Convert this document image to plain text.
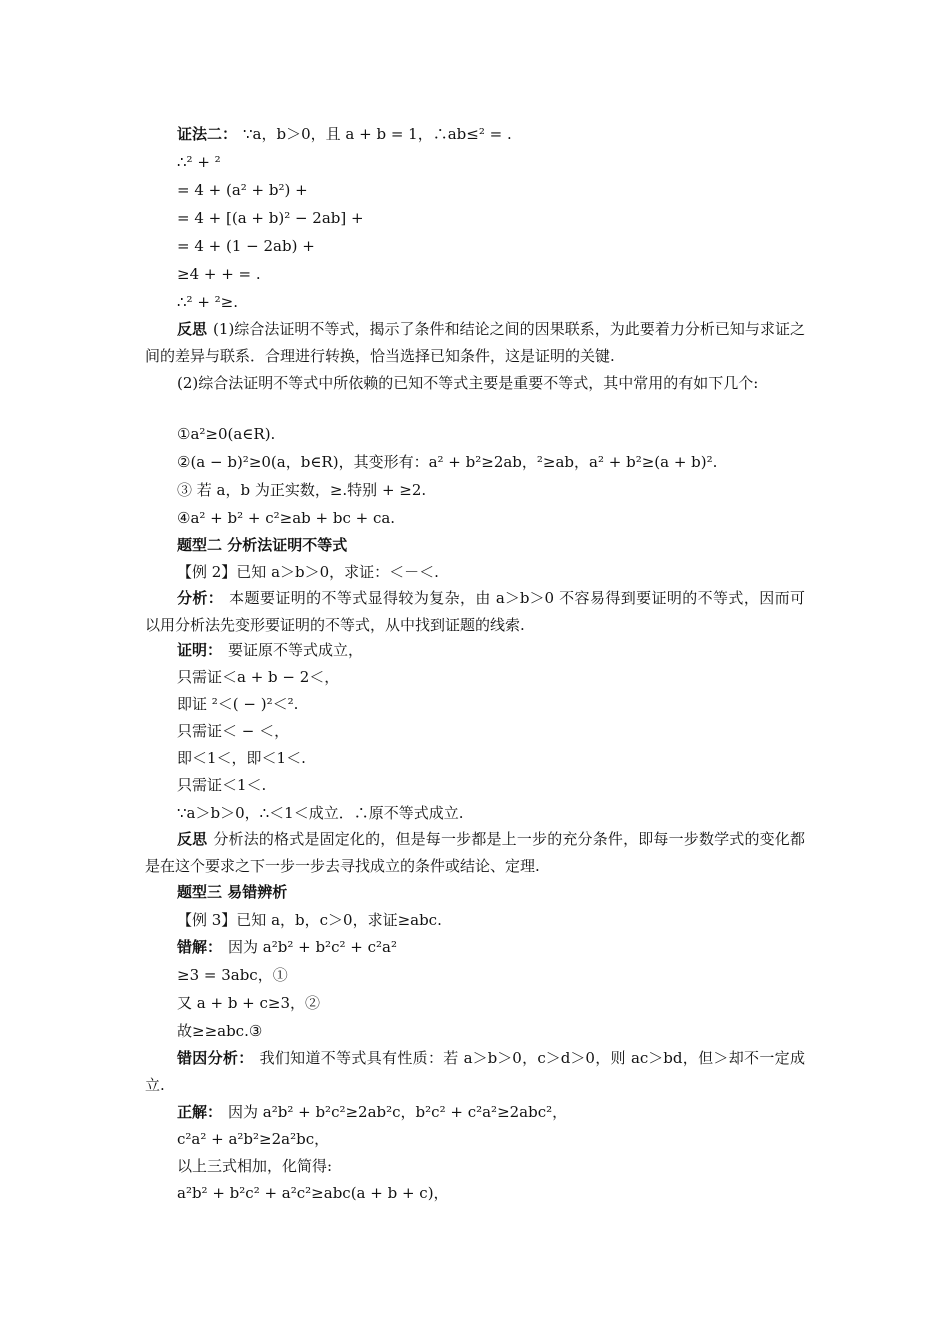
证法二： ∵a，b＞0，且 a + b = 1，∴ab≤² = .
∴² + ²
= 4 + (a² + b²) +
= 4 + [(a + b)² − 2ab] +
= 4 + (1 − 2ab) +
≥4 + + = .
∴² + ²≥.
反思 (1)综合法证明不等式，揭示了条件和结论之间的因果联系，为此要着力分析已知与求证之间的差异与联系．合理进行转换，恰当选择已知条件，这是证明的关键.
(2)综合法证明不等式中所依赖的已知不等式主要是重要不等式，其中常用的有如下几个:
①a²≥0(a∈R).
②(a − b)²≥0(a，b∈R)，其变形有：a² + b²≥2ab，²≥ab，a² + b²≥(a + b)².
③ 若 a，b 为正实数，≥.特别 + ≥2.
④a² + b² + c²≥ab + bc + ca.
题型二 分析法证明不等式
【例 2】已知 a＞b＞0，求证：＜－＜.
分析： 本题要证明的不等式显得较为复杂，由 a＞b＞0 不容易得到要证明的不等式，因而可以用分析法先变形要证明的不等式，从中找到证题的线索.
证明： 要证原不等式成立，
只需证＜a + b − 2＜，
即证 ²＜( − )²＜².
只需证＜ − ＜，
即＜1＜，即＜1＜.
只需证＜1＜.
∵a＞b＞0，∴＜1＜成立．∴原不等式成立.
反思 分析法的格式是固定化的，但是每一步都是上一步的充分条件，即每一步数学式的变化都是在这个要求之下一步一步去寻找成立的条件或结论、定理.
题型三 易错辨析
【例 3】已知 a，b，c＞0，求证≥abc.
错解： 因为 a²b² + b²c² + c²a²
≥3 = 3abc，①
又 a + b + c≥3，②
故≥≥abc.③
错因分析： 我们知道不等式具有性质：若 a＞b＞0，c＞d＞0，则 ac＞bd，但＞却不一定成立.
正解： 因为 a²b² + b²c²≥2ab²c，b²c² + c²a²≥2abc²，
c²a² + a²b²≥2a²bc，
以上三式相加，化简得:
a²b² + b²c² + a²c²≥abc(a + b + c)，
